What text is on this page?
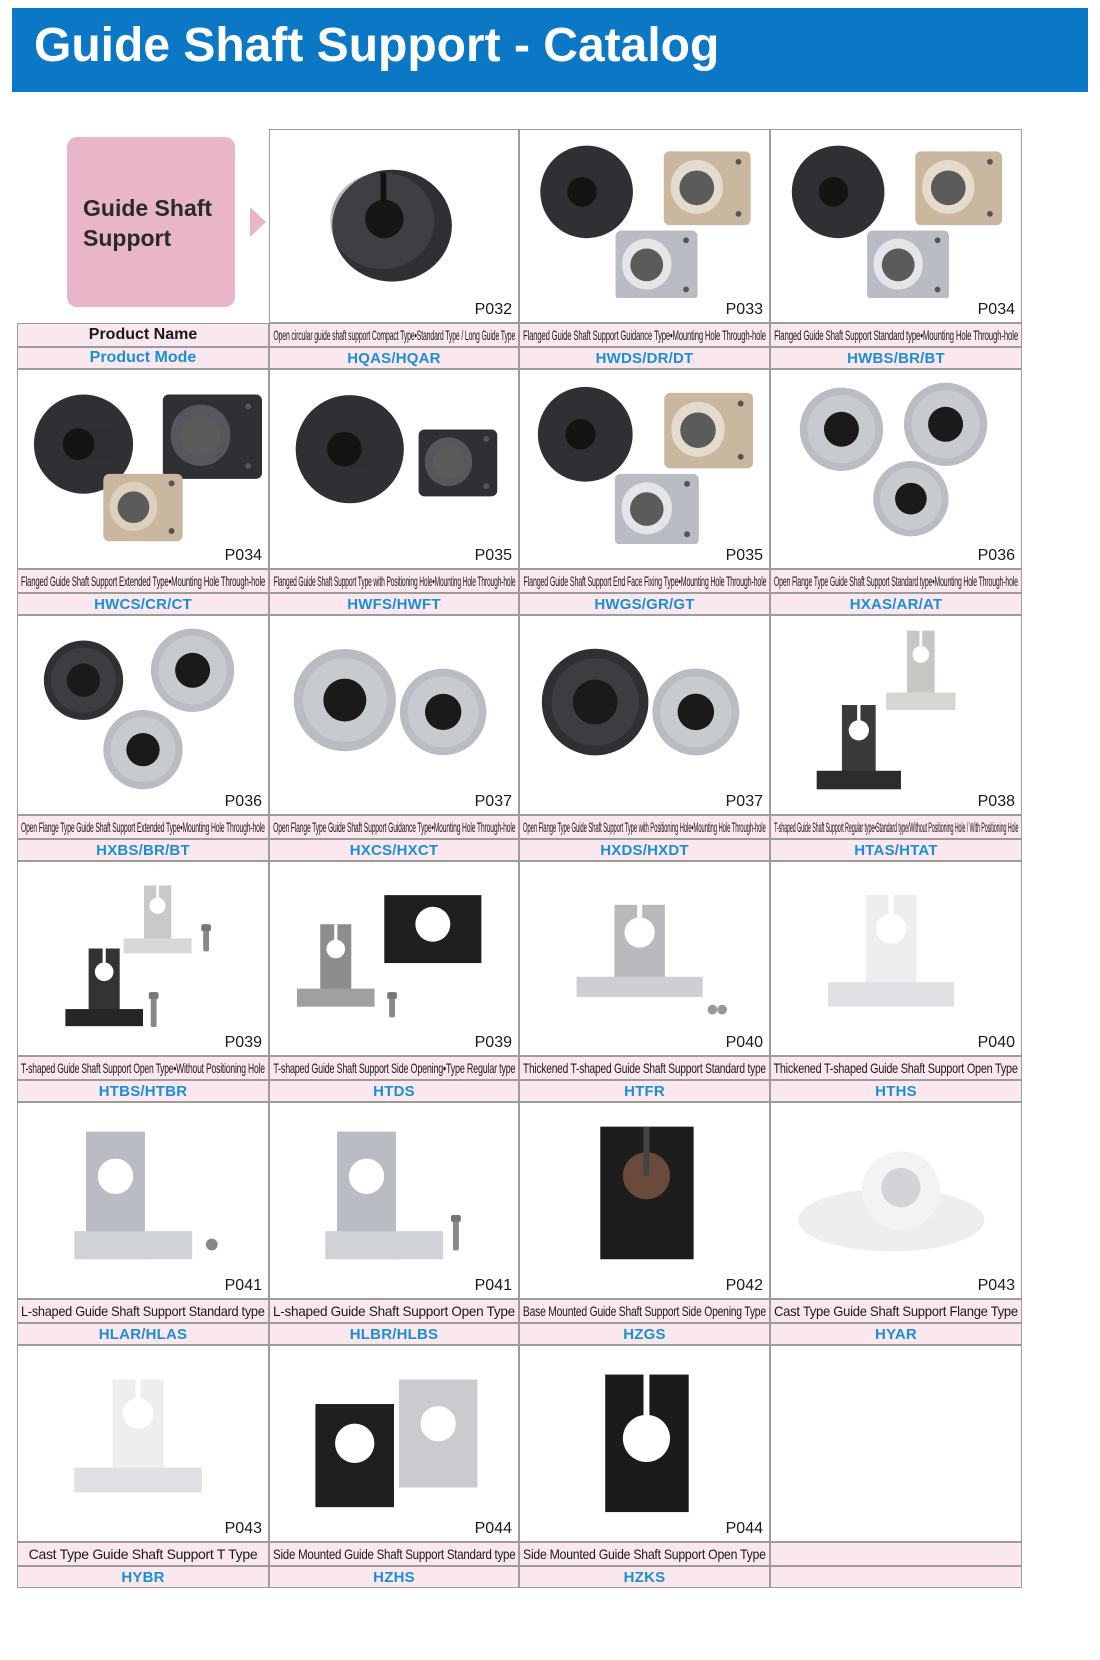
Guide Shaft Support - Catalog
Guide Shaft
Support
Product Name
Product Mode
P032
Open circular guide shaft support Compact Type•Standard Type / Long Guide Type
HQAS/HQAR
P033
Flanged Guide Shaft Support Guidance Type•Mounting Hole Through-hole
HWDS/DR/DT
P034
Flanged Guide Shaft Support Standard type•Mounting Hole Through-hole
HWBS/BR/BT
P034
Flanged Guide Shaft Support Extended Type•Mounting Hole Through-hole
HWCS/CR/CT
P035
Flanged Guide Shaft Support Type with Positioning Hole•Mounting Hole Through-hole
HWFS/HWFT
P035
Flanged Guide Shaft Support End Face Fixing Type•Mounting Hole Through-hole
HWGS/GR/GT
P036
Open Flange Type Guide Shaft Support Standard type•Mounting Hole Through-hole
HXAS/AR/AT
P036
Open Flange Type Guide Shaft Support Extended Type•Mounting Hole Through-hole
HXBS/BR/BT
P037
Open Flange Type Guide Shaft Support Guidance Type•Mounting Hole Through-hole
HXCS/HXCT
P037
Open Flange Type Guide Shaft Support Type with Positioning Hole•Mounting Hole Through-hole
HXDS/HXDT
P038
T-shaped Guide Shaft Support Regular type•Standard type/Without Positioning Hole / With Positioning Hole
HTAS/HTAT
P039
T-shaped Guide Shaft Support Open Type•Without Positioning Hole
HTBS/HTBR
P039
T-shaped Guide Shaft Support Side Opening•Type Regular type
HTDS
P040
Thickened T-shaped Guide Shaft Support Standard type
HTFR
P040
Thickened T-shaped Guide Shaft Support Open Type
HTHS
P041
L-shaped Guide Shaft Support Standard type
HLAR/HLAS
P041
L-shaped Guide Shaft Support Open Type
HLBR/HLBS
P042
Base Mounted Guide Shaft Support Side Opening Type
HZGS
P043
Cast Type Guide Shaft Support Flange Type
HYAR
P043
Cast Type Guide Shaft Support T Type
HYBR
P044
Side Mounted Guide Shaft Support Standard type
HZHS
P044
Side Mounted Guide Shaft Support Open Type
HZKS
